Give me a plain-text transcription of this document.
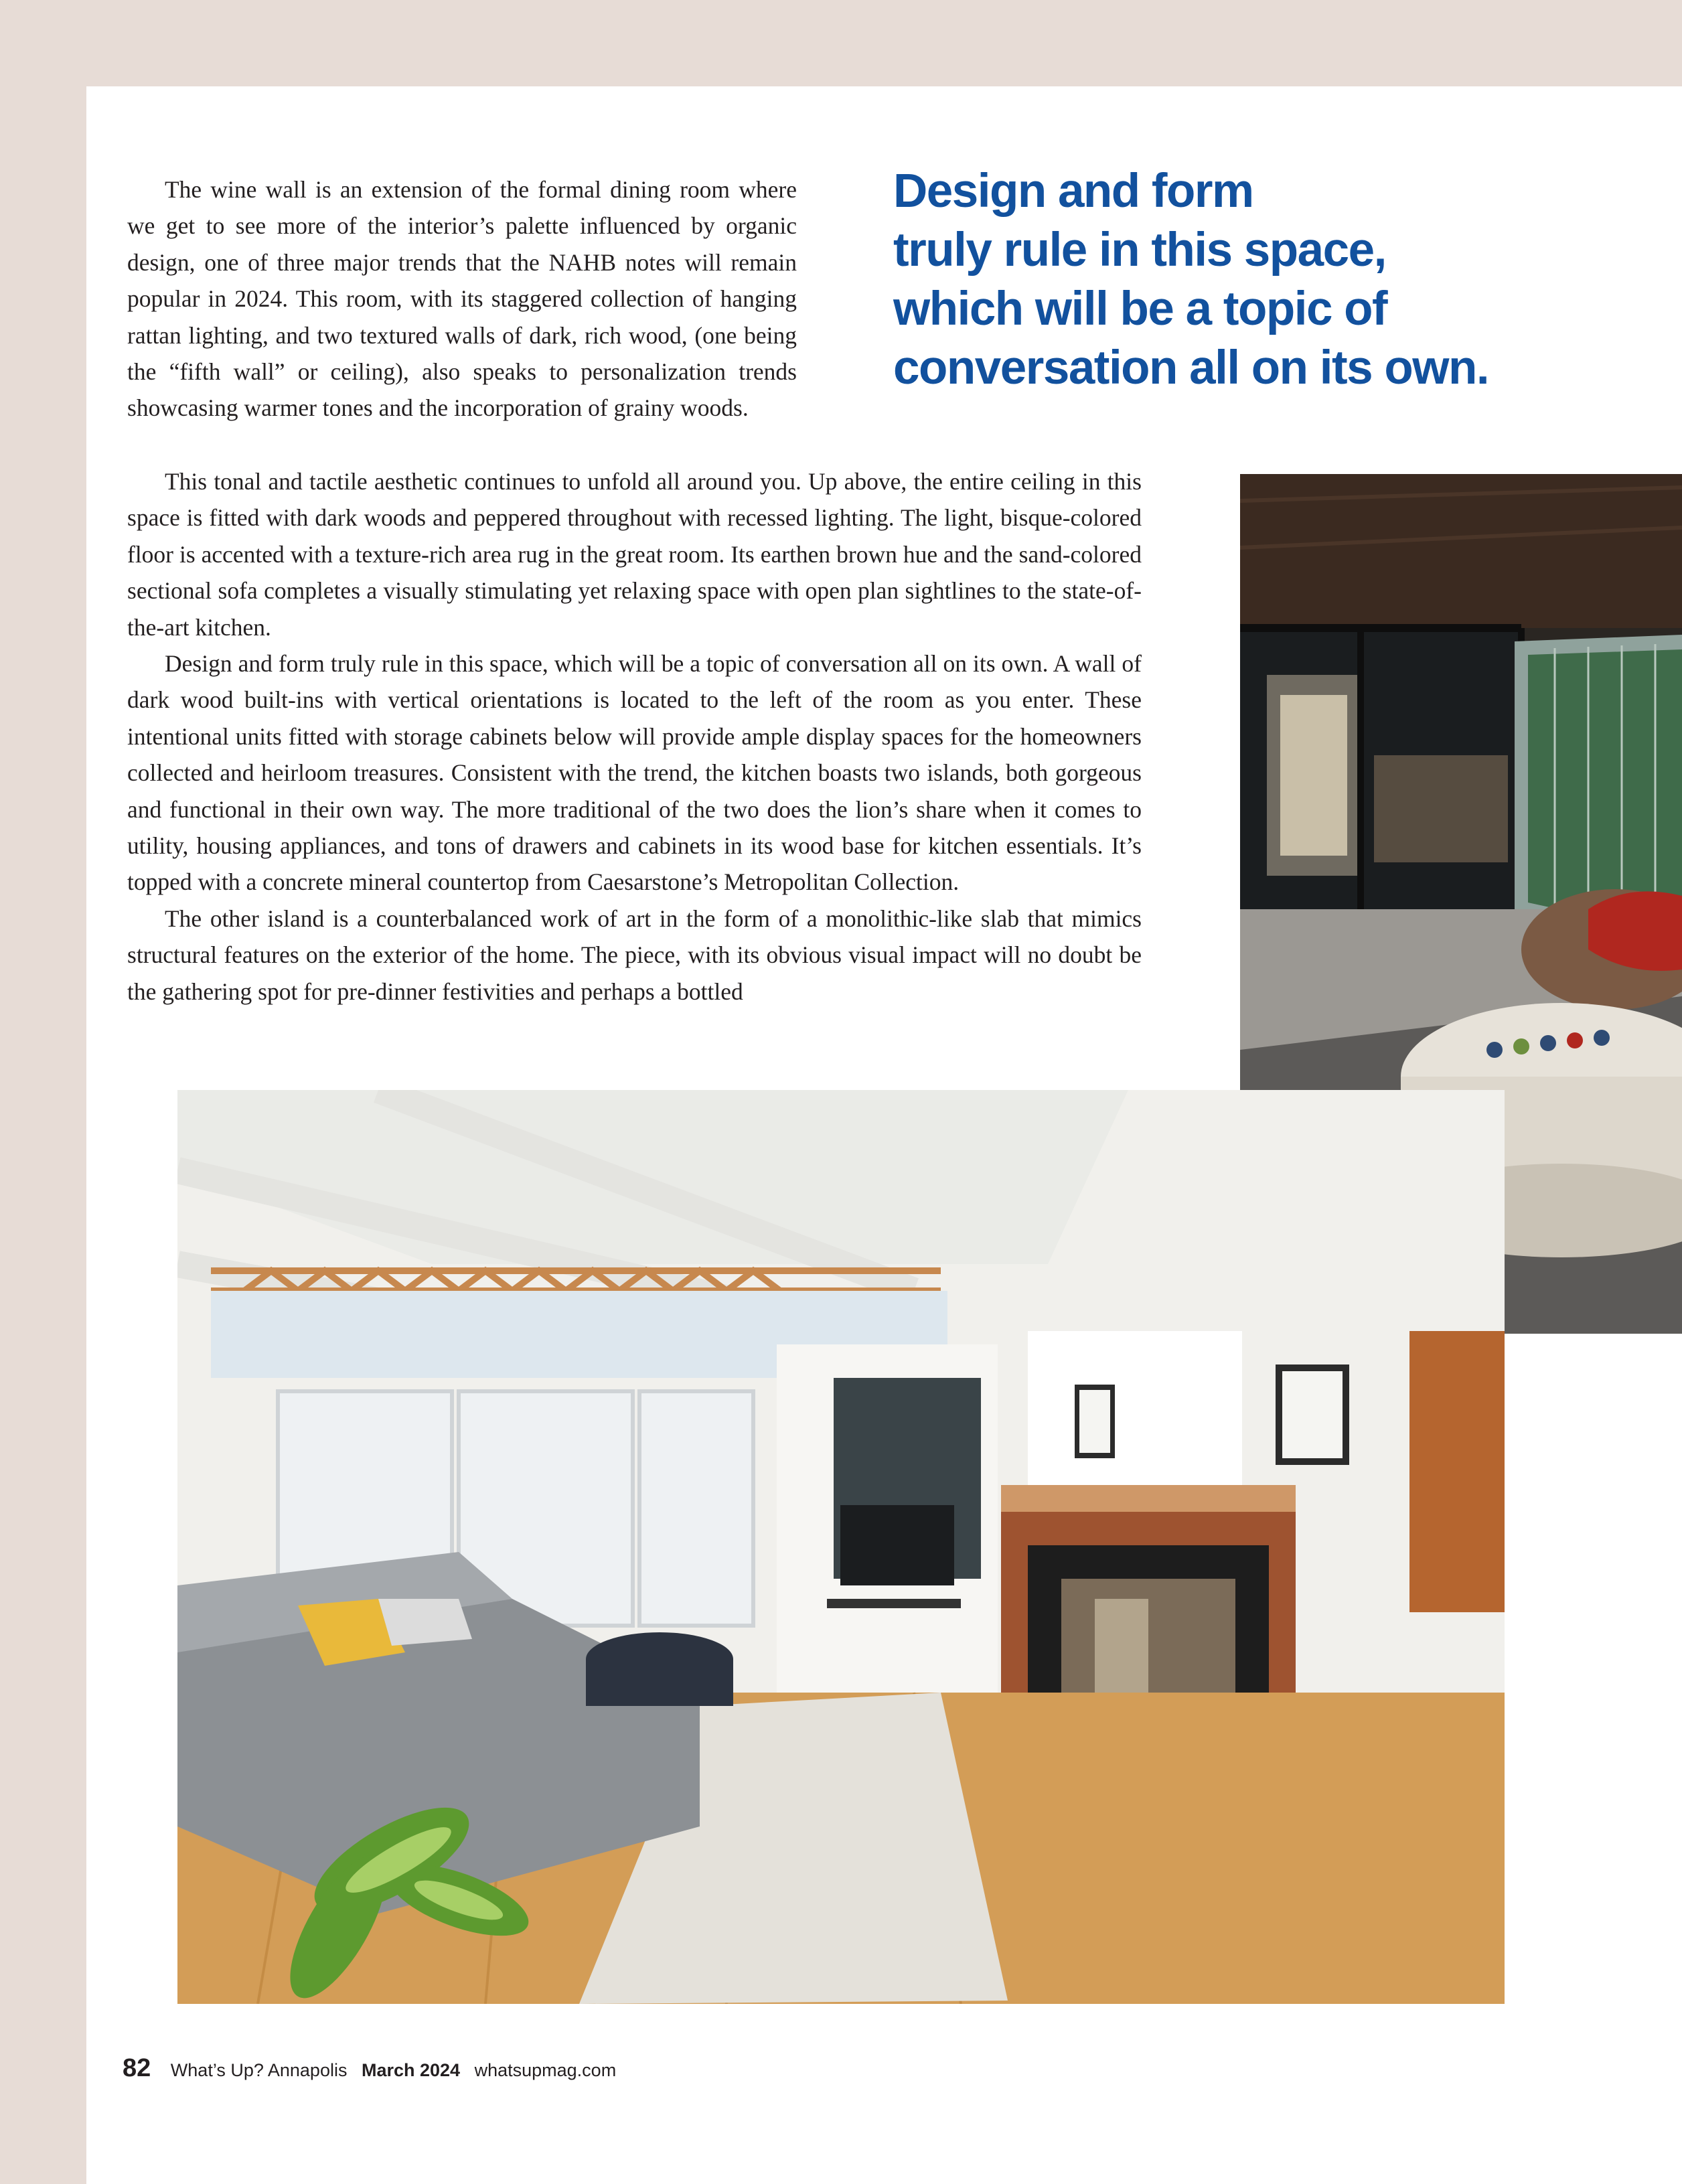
The wine wall is an extension of the formal dining room where we get to see more of the interior’s palette influenced by organic design, one of three major trends that the NAHB notes will remain popular in 2024. This room, with its staggered collection of hanging rattan lighting, and two textured walls of dark, rich wood, (one being the “fifth wall” or ceiling), also speaks to personalization trends showcasing warmer tones and the incorporation of grainy woods.

Design and form
truly rule in this space,
which will be a topic of
conversation all on its own.

This tonal and tactile aesthetic continues to unfold all around you. Up above, the entire ceiling in this space is fitted with dark woods and peppered throughout with recessed lighting. The light, bisque-colored floor is accented with a texture-rich area rug in the great room. Its earthen brown hue and the sand-colored sectional sofa completes a visually stimulating yet relaxing space with open plan sightlines to the state-of-the-art kitchen.

Design and form truly rule in this space, which will be a topic of conversation all on its own. A wall of dark wood built-ins with vertical orientations is located to the left of the room as you enter. These intentional units fitted with storage cabinets below will provide ample display spaces for the homeowners collected and heirloom treasures. Consistent with the trend, the kitchen boasts two islands, both gorgeous and functional in their own way. The more traditional of the two does the lion’s share when it comes to utility, housing appliances, and tons of drawers and cabinets in its wood base for kitchen essentials. It’s topped with a concrete mineral countertop from Caesarstone’s Metropolitan Collection.

The other island is a counterbalanced work of art in the form of a monolithic-like slab that mimics structural features on the exterior of the home. The piece, with its obvious visual impact will no doubt be the gathering spot for pre-dinner festivities and perhaps a bottled

82 What’s Up? Annapolis March 2024 whatsupmag.com
